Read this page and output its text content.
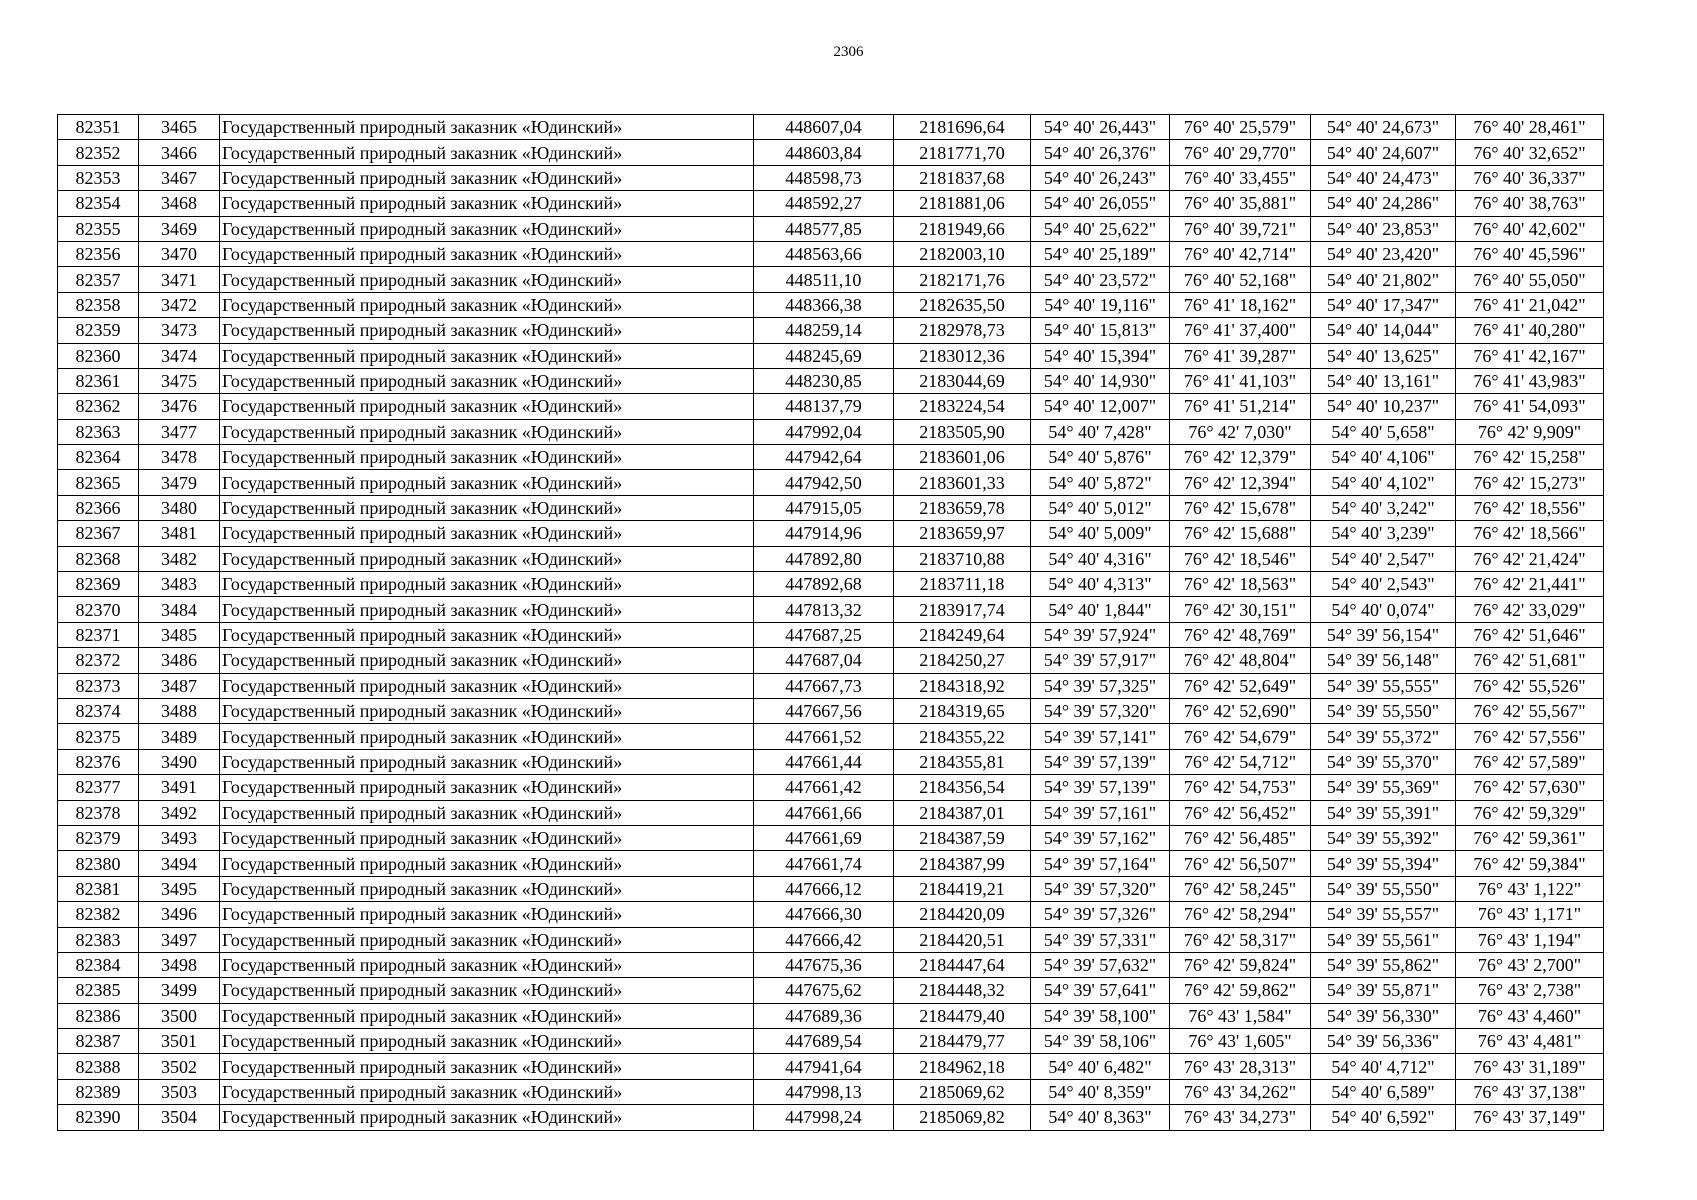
2306
82351	3465	Государственный природный заказник «Юдинский»	448607,04	2181696,64	54° 40' 26,443"	76° 40' 25,579"	54° 40' 24,673"	76° 40' 28,461"
82352	3466	Государственный природный заказник «Юдинский»	448603,84	2181771,70	54° 40' 26,376"	76° 40' 29,770"	54° 40' 24,607"	76° 40' 32,652"
82353	3467	Государственный природный заказник «Юдинский»	448598,73	2181837,68	54° 40' 26,243"	76° 40' 33,455"	54° 40' 24,473"	76° 40' 36,337"
82354	3468	Государственный природный заказник «Юдинский»	448592,27	2181881,06	54° 40' 26,055"	76° 40' 35,881"	54° 40' 24,286"	76° 40' 38,763"
82355	3469	Государственный природный заказник «Юдинский»	448577,85	2181949,66	54° 40' 25,622"	76° 40' 39,721"	54° 40' 23,853"	76° 40' 42,602"
82356	3470	Государственный природный заказник «Юдинский»	448563,66	2182003,10	54° 40' 25,189"	76° 40' 42,714"	54° 40' 23,420"	76° 40' 45,596"
82357	3471	Государственный природный заказник «Юдинский»	448511,10	2182171,76	54° 40' 23,572"	76° 40' 52,168"	54° 40' 21,802"	76° 40' 55,050"
82358	3472	Государственный природный заказник «Юдинский»	448366,38	2182635,50	54° 40' 19,116"	76° 41' 18,162"	54° 40' 17,347"	76° 41' 21,042"
82359	3473	Государственный природный заказник «Юдинский»	448259,14	2182978,73	54° 40' 15,813"	76° 41' 37,400"	54° 40' 14,044"	76° 41' 40,280"
82360	3474	Государственный природный заказник «Юдинский»	448245,69	2183012,36	54° 40' 15,394"	76° 41' 39,287"	54° 40' 13,625"	76° 41' 42,167"
82361	3475	Государственный природный заказник «Юдинский»	448230,85	2183044,69	54° 40' 14,930"	76° 41' 41,103"	54° 40' 13,161"	76° 41' 43,983"
82362	3476	Государственный природный заказник «Юдинский»	448137,79	2183224,54	54° 40' 12,007"	76° 41' 51,214"	54° 40' 10,237"	76° 41' 54,093"
82363	3477	Государственный природный заказник «Юдинский»	447992,04	2183505,90	54° 40' 7,428"	76° 42' 7,030"	54° 40' 5,658"	76° 42' 9,909"
82364	3478	Государственный природный заказник «Юдинский»	447942,64	2183601,06	54° 40' 5,876"	76° 42' 12,379"	54° 40' 4,106"	76° 42' 15,258"
82365	3479	Государственный природный заказник «Юдинский»	447942,50	2183601,33	54° 40' 5,872"	76° 42' 12,394"	54° 40' 4,102"	76° 42' 15,273"
82366	3480	Государственный природный заказник «Юдинский»	447915,05	2183659,78	54° 40' 5,012"	76° 42' 15,678"	54° 40' 3,242"	76° 42' 18,556"
82367	3481	Государственный природный заказник «Юдинский»	447914,96	2183659,97	54° 40' 5,009"	76° 42' 15,688"	54° 40' 3,239"	76° 42' 18,566"
82368	3482	Государственный природный заказник «Юдинский»	447892,80	2183710,88	54° 40' 4,316"	76° 42' 18,546"	54° 40' 2,547"	76° 42' 21,424"
82369	3483	Государственный природный заказник «Юдинский»	447892,68	2183711,18	54° 40' 4,313"	76° 42' 18,563"	54° 40' 2,543"	76° 42' 21,441"
82370	3484	Государственный природный заказник «Юдинский»	447813,32	2183917,74	54° 40' 1,844"	76° 42' 30,151"	54° 40' 0,074"	76° 42' 33,029"
82371	3485	Государственный природный заказник «Юдинский»	447687,25	2184249,64	54° 39' 57,924"	76° 42' 48,769"	54° 39' 56,154"	76° 42' 51,646"
82372	3486	Государственный природный заказник «Юдинский»	447687,04	2184250,27	54° 39' 57,917"	76° 42' 48,804"	54° 39' 56,148"	76° 42' 51,681"
82373	3487	Государственный природный заказник «Юдинский»	447667,73	2184318,92	54° 39' 57,325"	76° 42' 52,649"	54° 39' 55,555"	76° 42' 55,526"
82374	3488	Государственный природный заказник «Юдинский»	447667,56	2184319,65	54° 39' 57,320"	76° 42' 52,690"	54° 39' 55,550"	76° 42' 55,567"
82375	3489	Государственный природный заказник «Юдинский»	447661,52	2184355,22	54° 39' 57,141"	76° 42' 54,679"	54° 39' 55,372"	76° 42' 57,556"
82376	3490	Государственный природный заказник «Юдинский»	447661,44	2184355,81	54° 39' 57,139"	76° 42' 54,712"	54° 39' 55,370"	76° 42' 57,589"
82377	3491	Государственный природный заказник «Юдинский»	447661,42	2184356,54	54° 39' 57,139"	76° 42' 54,753"	54° 39' 55,369"	76° 42' 57,630"
82378	3492	Государственный природный заказник «Юдинский»	447661,66	2184387,01	54° 39' 57,161"	76° 42' 56,452"	54° 39' 55,391"	76° 42' 59,329"
82379	3493	Государственный природный заказник «Юдинский»	447661,69	2184387,59	54° 39' 57,162"	76° 42' 56,485"	54° 39' 55,392"	76° 42' 59,361"
82380	3494	Государственный природный заказник «Юдинский»	447661,74	2184387,99	54° 39' 57,164"	76° 42' 56,507"	54° 39' 55,394"	76° 42' 59,384"
82381	3495	Государственный природный заказник «Юдинский»	447666,12	2184419,21	54° 39' 57,320"	76° 42' 58,245"	54° 39' 55,550"	76° 43' 1,122"
82382	3496	Государственный природный заказник «Юдинский»	447666,30	2184420,09	54° 39' 57,326"	76° 42' 58,294"	54° 39' 55,557"	76° 43' 1,171"
82383	3497	Государственный природный заказник «Юдинский»	447666,42	2184420,51	54° 39' 57,331"	76° 42' 58,317"	54° 39' 55,561"	76° 43' 1,194"
82384	3498	Государственный природный заказник «Юдинский»	447675,36	2184447,64	54° 39' 57,632"	76° 42' 59,824"	54° 39' 55,862"	76° 43' 2,700"
82385	3499	Государственный природный заказник «Юдинский»	447675,62	2184448,32	54° 39' 57,641"	76° 42' 59,862"	54° 39' 55,871"	76° 43' 2,738"
82386	3500	Государственный природный заказник «Юдинский»	447689,36	2184479,40	54° 39' 58,100"	76° 43' 1,584"	54° 39' 56,330"	76° 43' 4,460"
82387	3501	Государственный природный заказник «Юдинский»	447689,54	2184479,77	54° 39' 58,106"	76° 43' 1,605"	54° 39' 56,336"	76° 43' 4,481"
82388	3502	Государственный природный заказник «Юдинский»	447941,64	2184962,18	54° 40' 6,482"	76° 43' 28,313"	54° 40' 4,712"	76° 43' 31,189"
82389	3503	Государственный природный заказник «Юдинский»	447998,13	2185069,62	54° 40' 8,359"	76° 43' 34,262"	54° 40' 6,589"	76° 43' 37,138"
82390	3504	Государственный природный заказник «Юдинский»	447998,24	2185069,82	54° 40' 8,363"	76° 43' 34,273"	54° 40' 6,592"	76° 43' 37,149"
